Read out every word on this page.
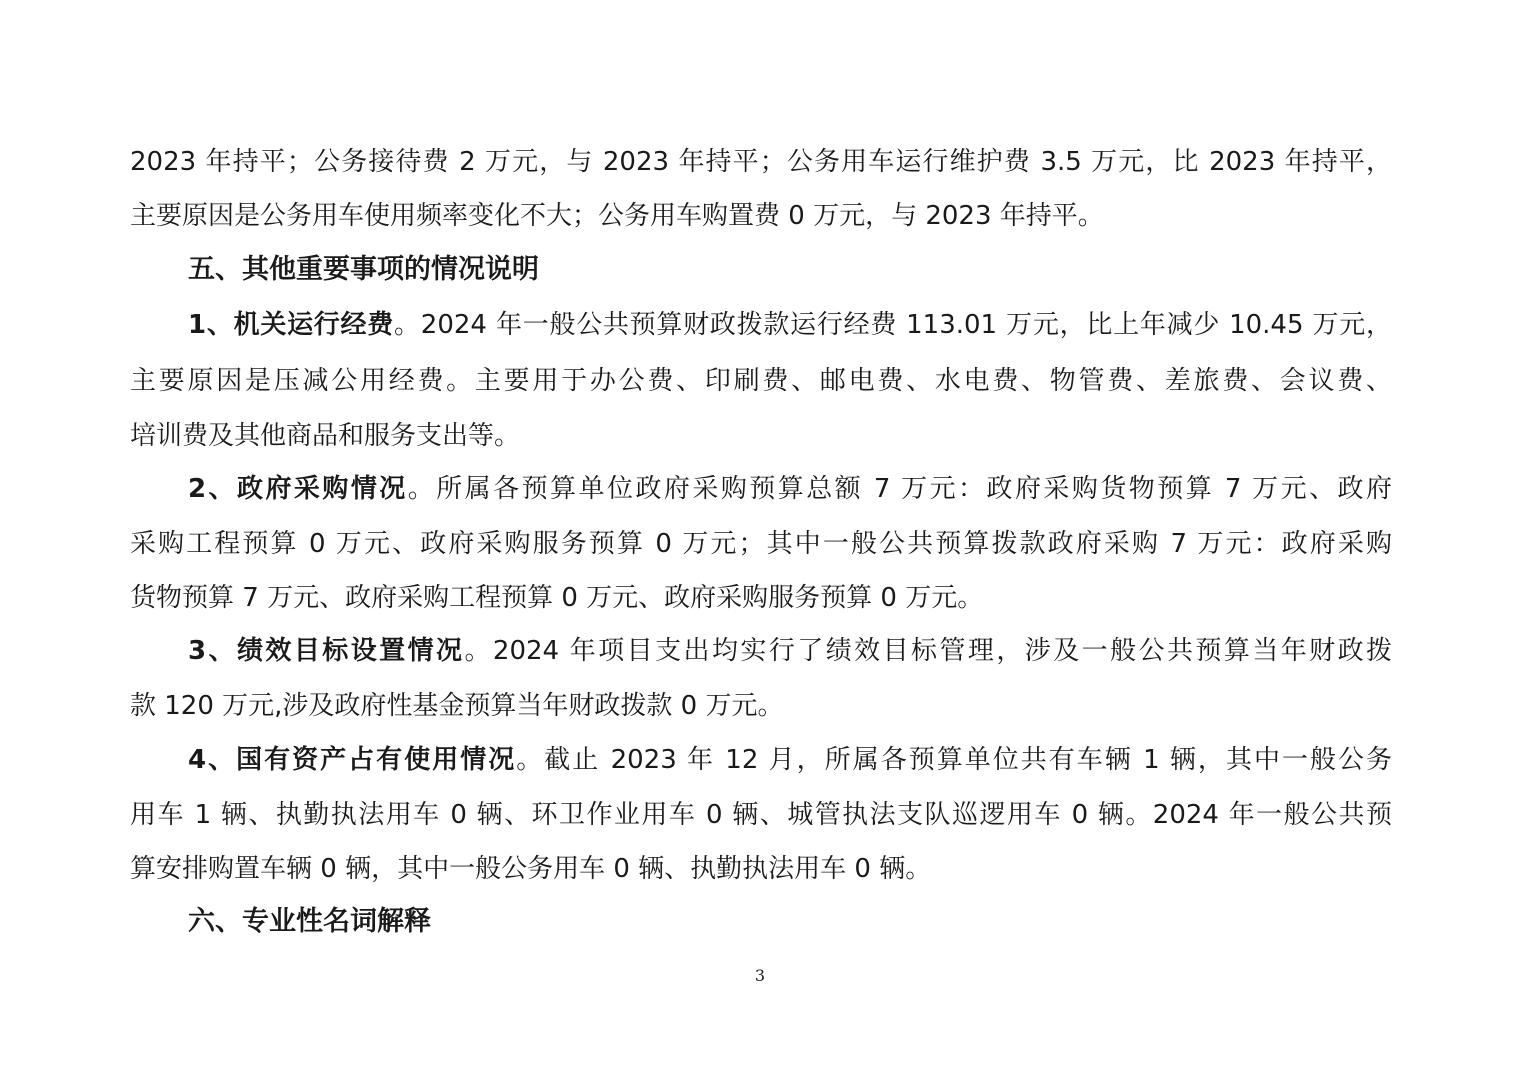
2023 年持平；公务接待费 2 万元，与 2023 年持平；公务用车运行维护费 3.5 万元，比 2023 年持平，
主要原因是公务用车使用频率变化不大；公务用车购置费 0 万元，与 2023 年持平。
五、其他重要事项的情况说明
1、机关运行经费。2024 年一般公共预算财政拨款运行经费 113.01 万元，比上年减少 10.45 万元，
主要原因是压减公用经费。主要用于办公费、印刷费、邮电费、水电费、物管费、差旅费、会议费、
培训费及其他商品和服务支出等。
2、政府采购情况。所属各预算单位政府采购预算总额 7 万元：政府采购货物预算 7 万元、政府
采购工程预算 0 万元、政府采购服务预算 0 万元；其中一般公共预算拨款政府采购 7 万元：政府采购
货物预算 7 万元、政府采购工程预算 0 万元、政府采购服务预算 0 万元。
3、绩效目标设置情况。2024 年项目支出均实行了绩效目标管理，涉及一般公共预算当年财政拨
款 120 万元,涉及政府性基金预算当年财政拨款 0 万元。
4、国有资产占有使用情况。截止 2023 年 12 月，所属各预算单位共有车辆 1 辆，其中一般公务
用车 1 辆、执勤执法用车 0 辆、环卫作业用车 0 辆、城管执法支队巡逻用车 0 辆。2024 年一般公共预
算安排购置车辆 0 辆，其中一般公务用车 0 辆、执勤执法用车 0 辆。
六、专业性名词解释
3
